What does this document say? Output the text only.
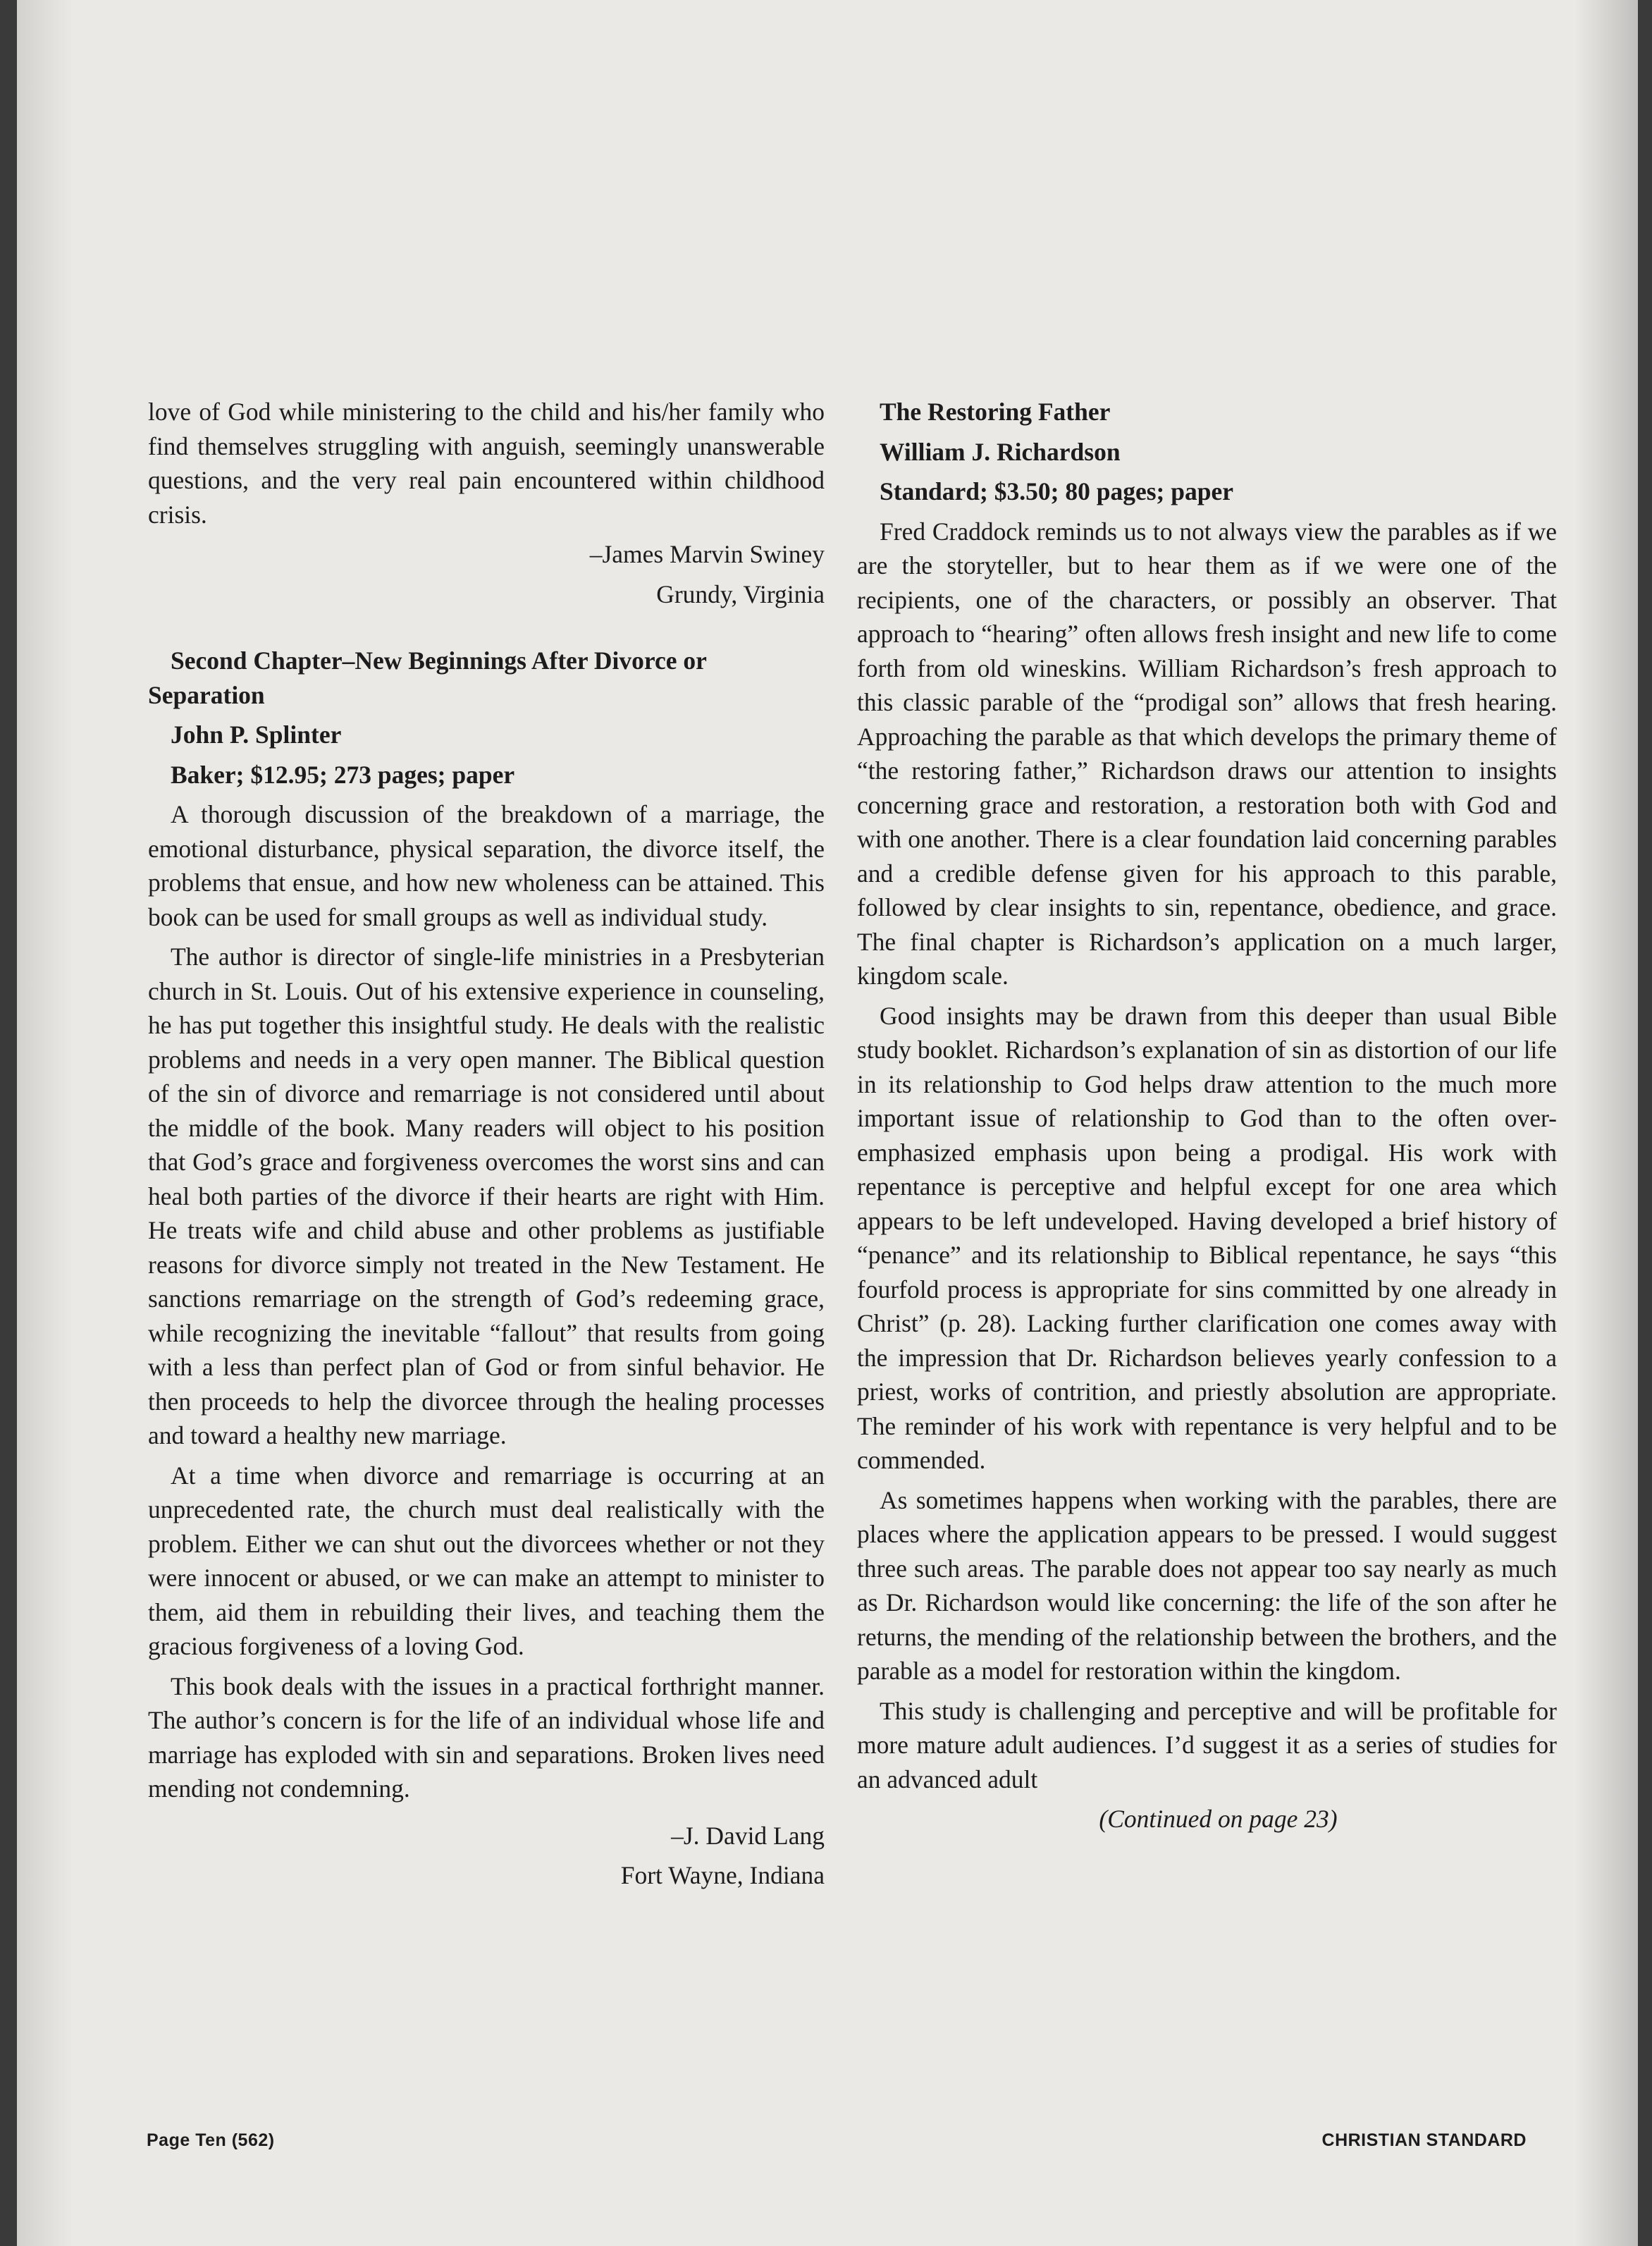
love of God while ministering to the child and his/her family who find themselves struggling with anguish, seemingly unanswerable questions, and the very real pain encountered within childhood crisis.

–James Marvin Swiney

Grundy, Virginia

Second Chapter–New Beginnings After Divorce or Separation

John P. Splinter

Baker; $12.95; 273 pages; paper

A thorough discussion of the breakdown of a marriage, the emotional disturbance, physical separation, the divorce itself, the problems that ensue, and how new wholeness can be attained. This book can be used for small groups as well as individual study.

The author is director of single-life ministries in a Presbyterian church in St. Louis. Out of his extensive experience in counseling, he has put together this insightful study. He deals with the realistic problems and needs in a very open manner. The Biblical question of the sin of divorce and remarriage is not considered until about the middle of the book. Many readers will object to his position that God’s grace and forgiveness overcomes the worst sins and can heal both parties of the divorce if their hearts are right with Him. He treats wife and child abuse and other problems as justifiable reasons for divorce simply not treated in the New Testament. He sanctions remarriage on the strength of God’s redeeming grace, while recognizing the inevitable “fallout” that results from going with a less than perfect plan of God or from sinful behavior. He then proceeds to help the divorcee through the healing processes and toward a healthy new marriage.

At a time when divorce and remarriage is occurring at an unprecedented rate, the church must deal realistically with the problem. Either we can shut out the divorcees whether or not they were innocent or abused, or we can make an attempt to minister to them, aid them in rebuilding their lives, and teaching them the gracious forgiveness of a loving God.

This book deals with the issues in a practical forthright manner. The author’s concern is for the life of an individual whose life and marriage has exploded with sin and separations. Broken lives need mending not condemning.

–J. David Lang

Fort Wayne, Indiana

The Restoring Father

William J. Richardson

Standard; $3.50; 80 pages; paper

Fred Craddock reminds us to not always view the parables as if we are the storyteller, but to hear them as if we were one of the recipients, one of the characters, or possibly an observer. That approach to “hearing” often allows fresh insight and new life to come forth from old wineskins. William Richardson’s fresh approach to this classic parable of the “prodigal son” allows that fresh hearing. Approaching the parable as that which develops the primary theme of “the restoring father,” Richardson draws our attention to insights concerning grace and restoration, a restoration both with God and with one another. There is a clear foundation laid concerning parables and a credible defense given for his approach to this parable, followed by clear insights to sin, repentance, obedience, and grace. The final chapter is Richardson’s application on a much larger, kingdom scale.

Good insights may be drawn from this deeper than usual Bible study booklet. Richardson’s explanation of sin as distortion of our life in its relationship to God helps draw attention to the much more important issue of relationship to God than to the often over-emphasized emphasis upon being a prodigal. His work with repentance is perceptive and helpful except for one area which appears to be left undeveloped. Having developed a brief history of “penance” and its relationship to Biblical repentance, he says “this fourfold process is appropriate for sins committed by one already in Christ” (p. 28). Lacking further clarification one comes away with the impression that Dr. Richardson believes yearly confession to a priest, works of contrition, and priestly absolution are appropriate. The reminder of his work with repentance is very helpful and to be commended.

As sometimes happens when working with the parables, there are places where the application appears to be pressed. I would suggest three such areas. The parable does not appear too say nearly as much as Dr. Richardson would like concerning: the life of the son after he returns, the mending of the relationship between the brothers, and the parable as a model for restoration within the kingdom.

This study is challenging and perceptive and will be profitable for more mature adult audiences. I’d suggest it as a series of studies for an advanced adult

(Continued on page 23)

Page Ten (562)	CHRISTIAN STANDARD
